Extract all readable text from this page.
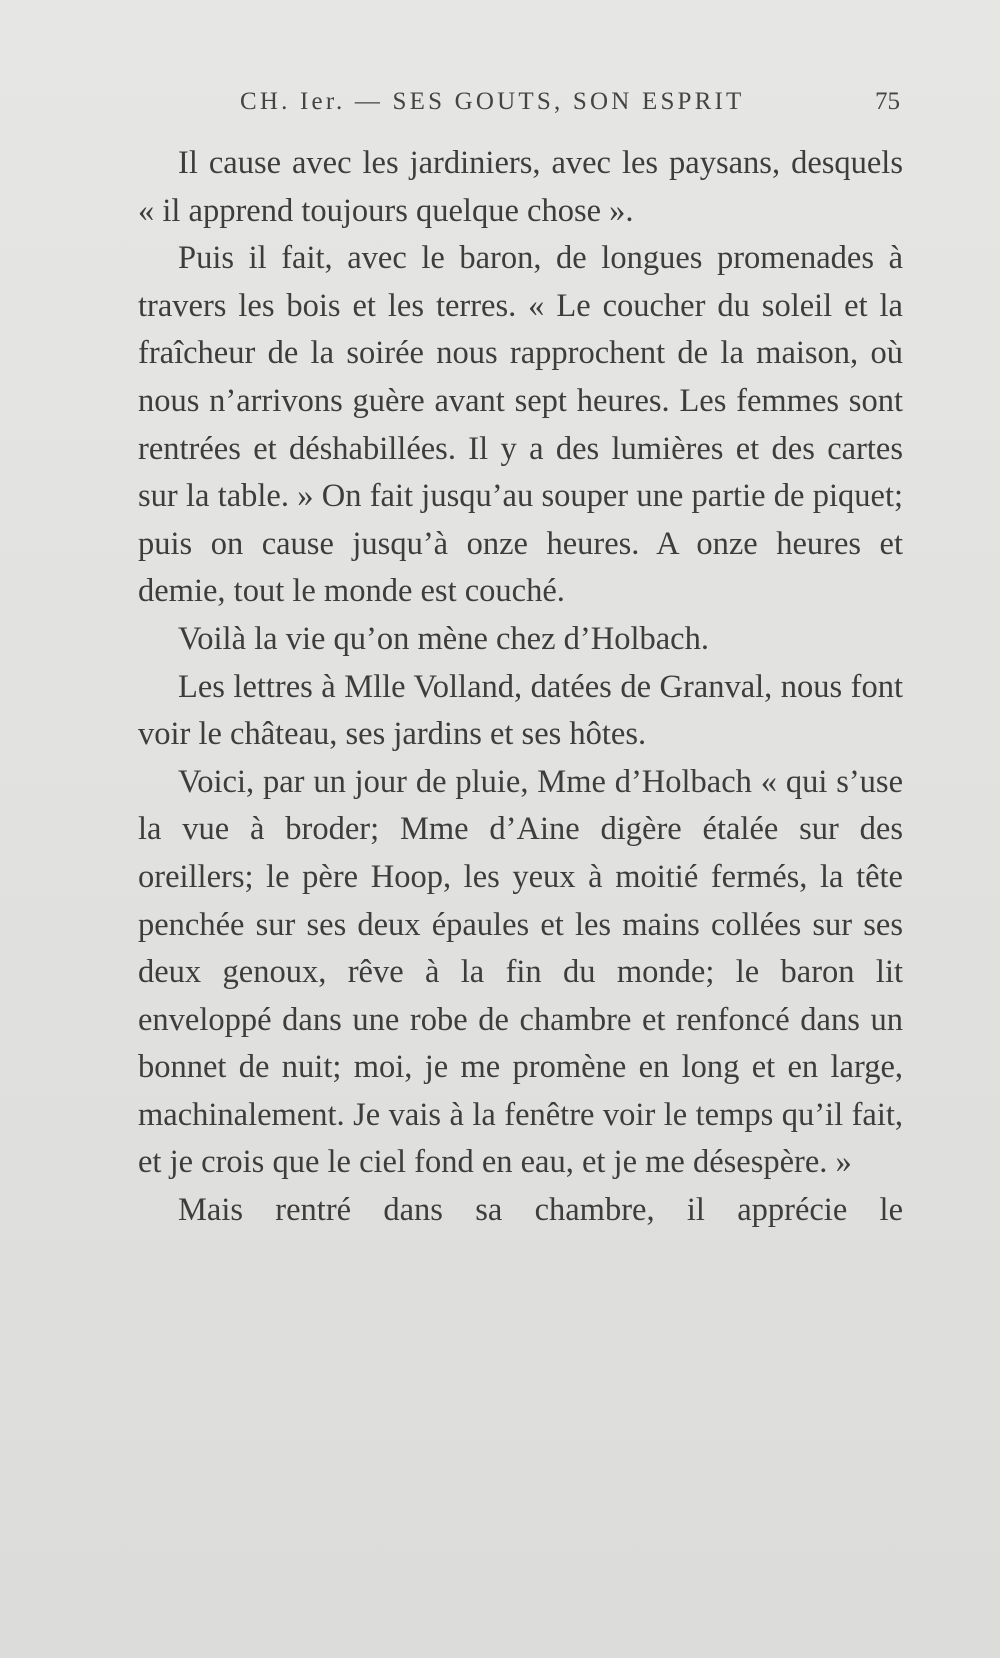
CH. Ier. — SES GOUTS, SON ESPRIT	75

Il cause avec les jardiniers, avec les paysans, desquels « il apprend toujours quelque chose ».

Puis il fait, avec le baron, de longues promenades à travers les bois et les terres. « Le coucher du soleil et la fraîcheur de la soirée nous rapprochent de la maison, où nous n’arrivons guère avant sept heures. Les femmes sont rentrées et déshabillées. Il y a des lumières et des cartes sur la table. » On fait jusqu’au souper une partie de piquet; puis on cause jusqu’à onze heures. A onze heures et demie, tout le monde est couché.

Voilà la vie qu’on mène chez d’Holbach.

Les lettres à Mlle Volland, datées de Granval, nous font voir le château, ses jardins et ses hôtes.

Voici, par un jour de pluie, Mme d’Holbach « qui s’use la vue à broder; Mme d’Aine digère étalée sur des oreillers; le père Hoop, les yeux à moitié fermés, la tête penchée sur ses deux épaules et les mains collées sur ses deux genoux, rêve à la fin du monde; le baron lit enveloppé dans une robe de chambre et renfoncé dans un bonnet de nuit; moi, je me promène en long et en large, machinalement. Je vais à la fenêtre voir le temps qu’il fait, et je crois que le ciel fond en eau, et je me désespère. »

Mais rentré dans sa chambre, il apprécie le
